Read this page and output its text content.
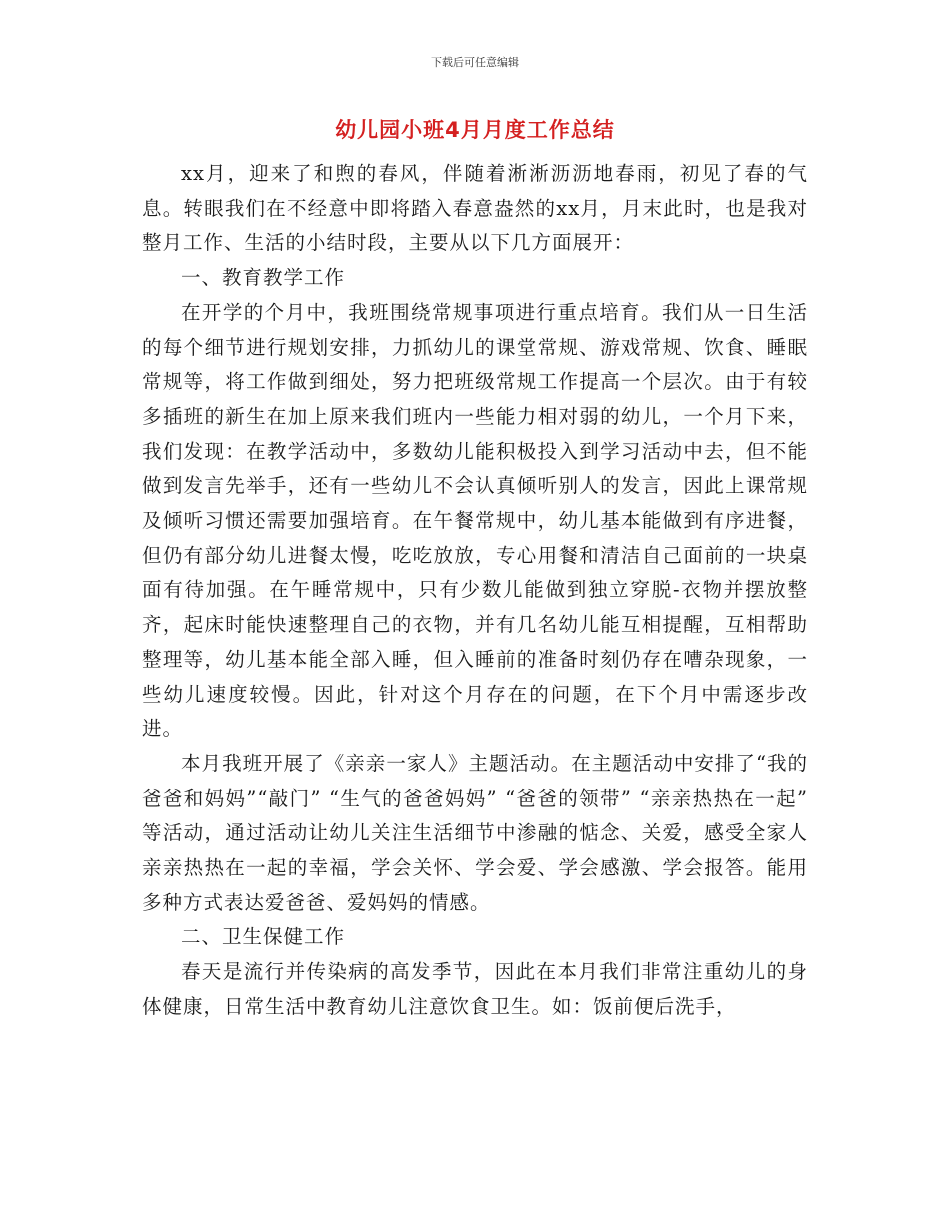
下载后可任意编辑
幼儿园小班4月月度工作总结

xx月，迎来了和煦的春风，伴随着淅淅沥沥地春雨，初见了春的气息。转眼我们在不经意中即将踏入春意盎然的xx月，月末此时，也是我对整月工作、生活的小结时段，主要从以下几方面展开：

一、教育教学工作

在开学的个月中，我班围绕常规事项进行重点培育。我们从一日生活的每个细节进行规划安排，力抓幼儿的课堂常规、游戏常规、饮食、睡眠常规等，将工作做到细处，努力把班级常规工作提高一个层次。由于有较多插班的新生在加上原来我们班内一些能力相对弱的幼儿，一个月下来，我们发现：在教学活动中，多数幼儿能积极投入到学习活动中去，但不能做到发言先举手，还有一些幼儿不会认真倾听别人的发言，因此上课常规及倾听习惯还需要加强培育。在午餐常规中，幼儿基本能做到有序进餐，但仍有部分幼儿进餐太慢，吃吃放放，专心用餐和清洁自己面前的一块桌面有待加强。在午睡常规中，只有少数儿能做到独立穿脱-衣物并摆放整齐，起床时能快速整理自己的衣物，并有几名幼儿能互相提醒，互相帮助整理等，幼儿基本能全部入睡，但入睡前的准备时刻仍存在嘈杂现象，一些幼儿速度较慢。因此，针对这个月存在的问题，在下个月中需逐步改进。

本月我班开展了《亲亲一家人》主题活动。在主题活动中安排了“我的爸爸和妈妈”“敲门” “生气的爸爸妈妈” “爸爸的领带” “亲亲热热在一起” 等活动，通过活动让幼儿关注生活细节中渗融的惦念、关爱，感受全家人亲亲热热在一起的幸福，学会关怀、学会爱、学会感激、学会报答。能用多种方式表达爱爸爸、爱妈妈的情感。

二、卫生保健工作

春天是流行并传染病的高发季节，因此在本月我们非常注重幼儿的身体健康，日常生活中教育幼儿注意饮食卫生。如：饭前便后洗手，
